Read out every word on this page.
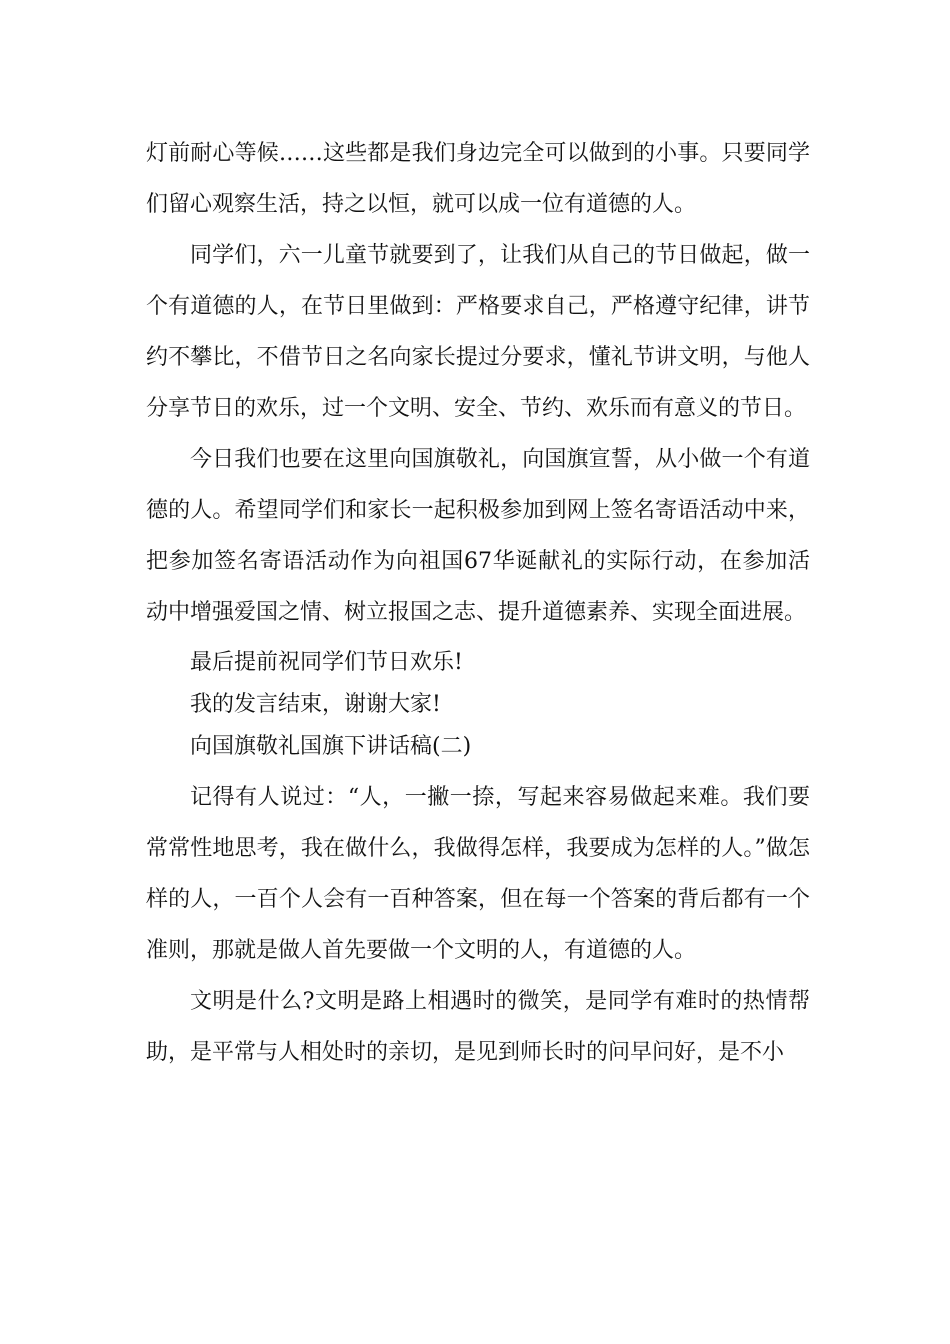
灯前耐心等候……这些都是我们身边完全可以做到的小事。只要同学们留心观察生活，持之以恒，就可以成一位有道德的人。

同学们，六一儿童节就要到了，让我们从自己的节日做起，做一个有道德的人，在节日里做到：严格要求自己，严格遵守纪律，讲节约不攀比，不借节日之名向家长提过分要求，懂礼节讲文明，与他人分享节日的欢乐，过一个文明、安全、节约、欢乐而有意义的节日。

今日我们也要在这里向国旗敬礼，向国旗宣誓，从小做一个有道德的人。希望同学们和家长一起积极参加到网上签名寄语活动中来，把参加签名寄语活动作为向祖国67华诞献礼的实际行动，在参加活动中增强爱国之情、树立报国之志、提升道德素养、实现全面进展。

最后提前祝同学们节日欢乐!

我的发言结束，谢谢大家!

向国旗敬礼国旗下讲话稿(二)

记得有人说过：“人，一撇一捺，写起来容易做起来难。我们要常常性地思考，我在做什么，我做得怎样，我要成为怎样的人。”做怎样的人，一百个人会有一百种答案，但在每一个答案的背后都有一个准则，那就是做人首先要做一个文明的人，有道德的人。

文明是什么?文明是路上相遇时的微笑，是同学有难时的热情帮助，是平常与人相处时的亲切，是见到师长时的问早问好，是不小
